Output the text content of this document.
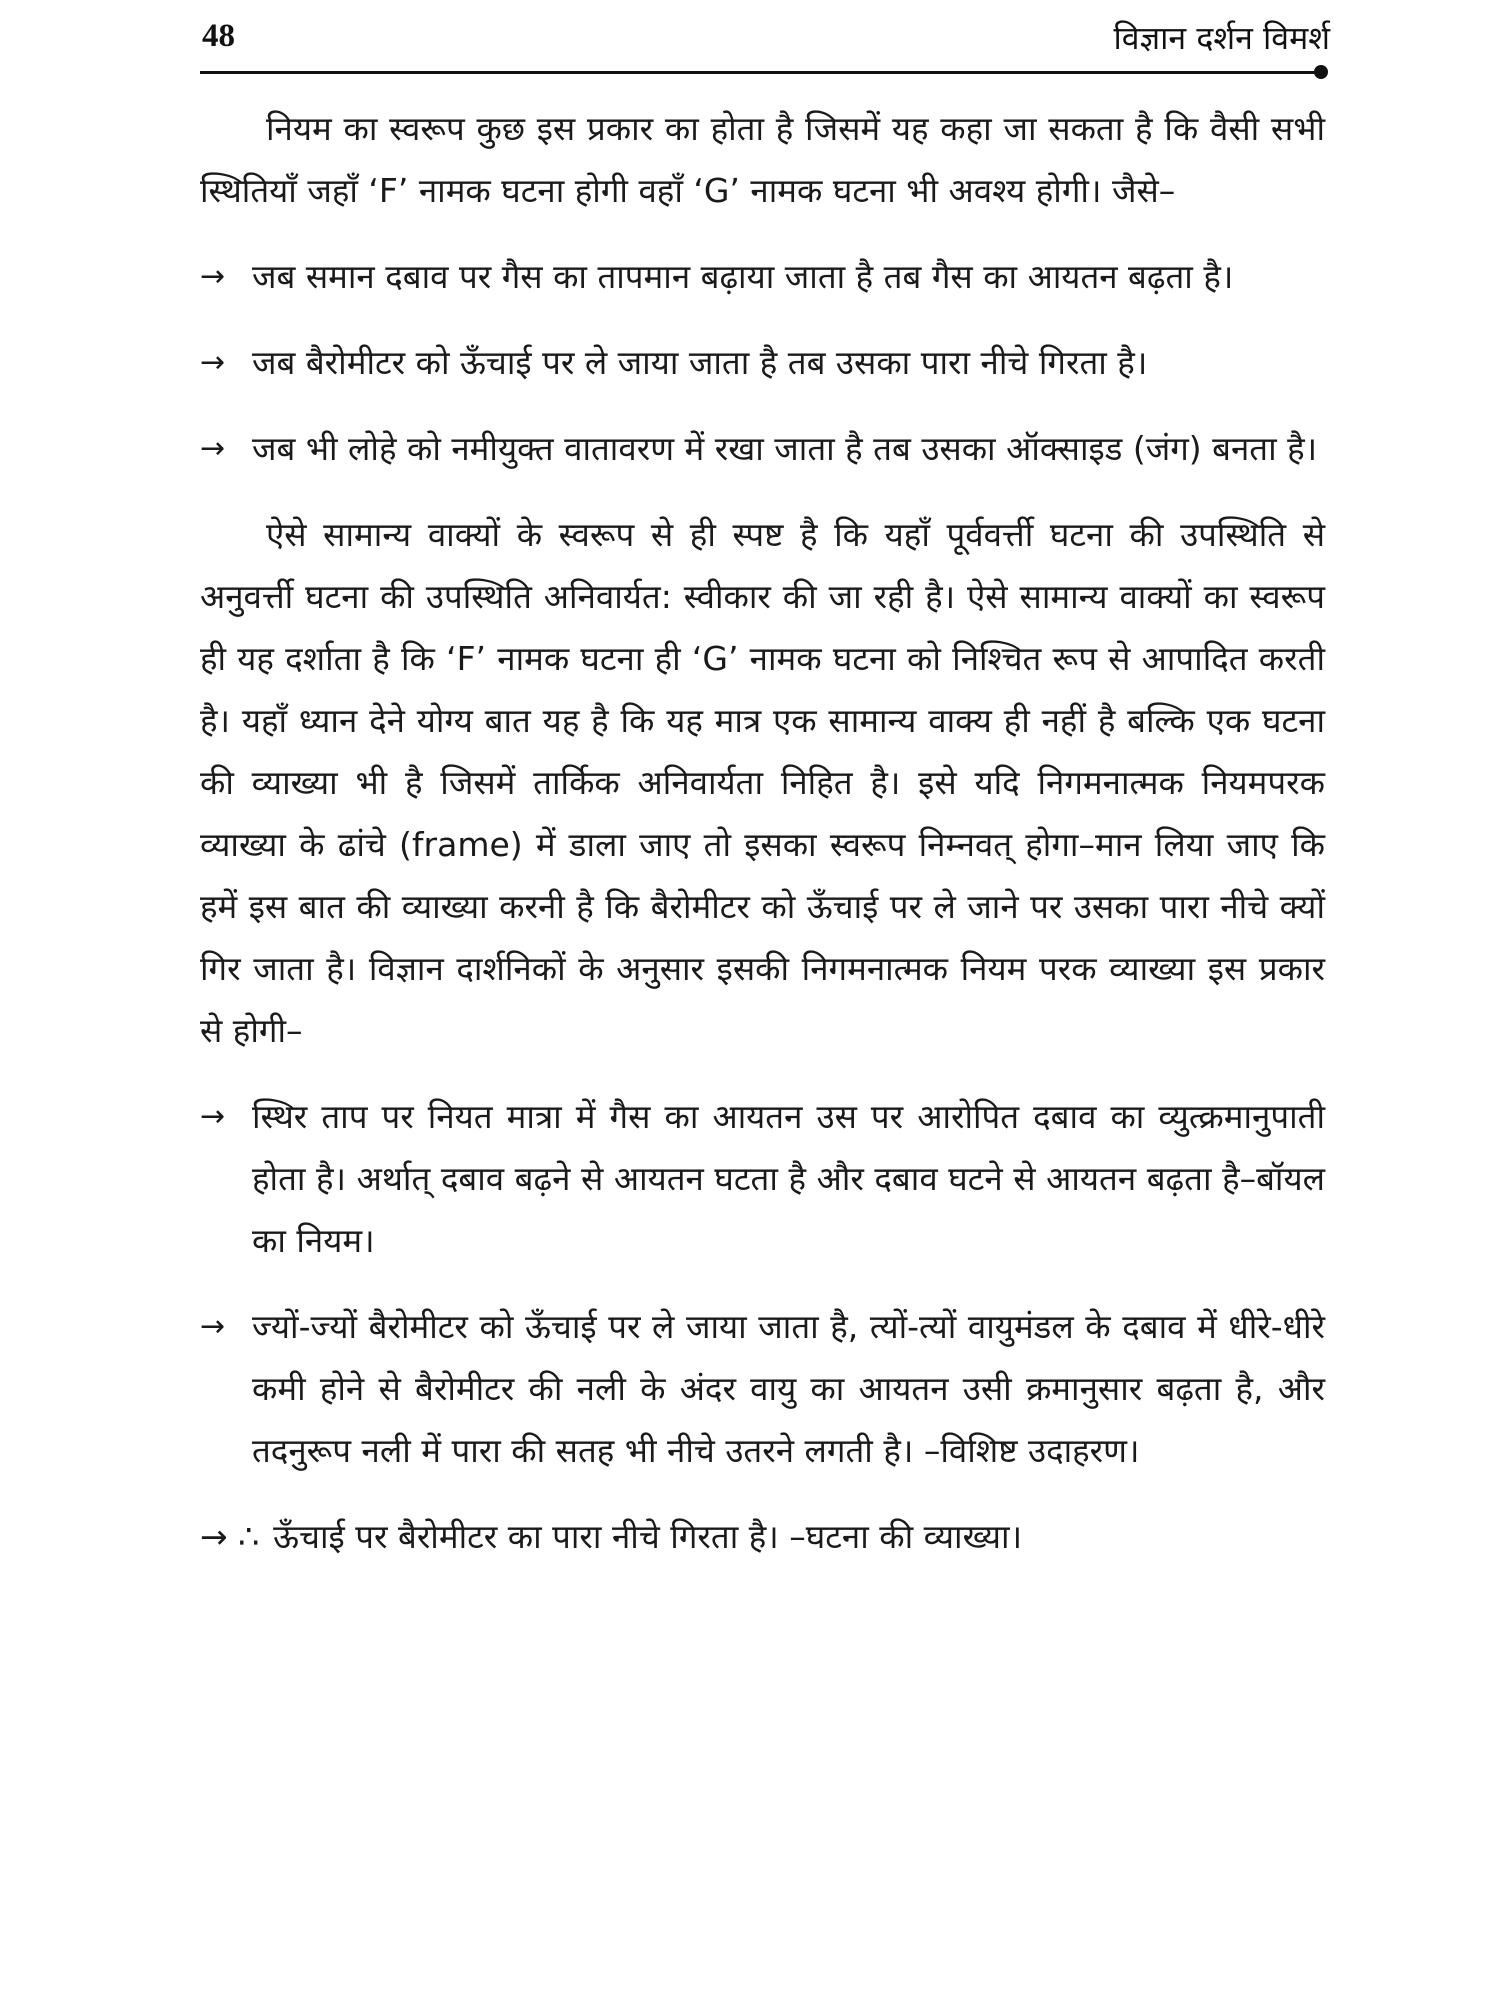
48	विज्ञान दर्शन विमर्श

नियम का स्वरूप कुछ इस प्रकार का होता है जिसमें यह कहा जा सकता है कि वैसी सभी स्थितियाँ जहाँ ‘F’ नामक घटना होगी वहाँ ‘G’ नामक घटना भी अवश्य होगी। जैसे–

→ जब समान दबाव पर गैस का तापमान बढ़ाया जाता है तब गैस का आयतन बढ़ता है।
→ जब बैरोमीटर को ऊँचाई पर ले जाया जाता है तब उसका पारा नीचे गिरता है।
→ जब भी लोहे को नमीयुक्त वातावरण में रखा जाता है तब उसका ऑक्साइड (जंग) बनता है।

ऐसे सामान्य वाक्यों के स्वरूप से ही स्पष्ट है कि यहाँ पूर्ववर्त्ती घटना की उपस्थिति से अनुवर्त्ती घटना की उपस्थिति अनिवार्यत: स्वीकार की जा रही है। ऐसे सामान्य वाक्यों का स्वरूप ही यह दर्शाता है कि ‘F’ नामक घटना ही ‘G’ नामक घटना को निश्चित रूप से आपादित करती है। यहाँ ध्यान देने योग्य बात यह है कि यह मात्र एक सामान्य वाक्य ही नहीं है बल्कि एक घटना की व्याख्या भी है जिसमें तार्किक अनिवार्यता निहित है। इसे यदि निगमनात्मक नियमपरक व्याख्या के ढांचे (frame) में डाला जाए तो इसका स्वरूप निम्नवत् होगा–मान लिया जाए कि हमें इस बात की व्याख्या करनी है कि बैरोमीटर को ऊँचाई पर ले जाने पर उसका पारा नीचे क्यों गिर जाता है। विज्ञान दार्शनिकों के अनुसार इसकी निगमनात्मक नियम परक व्याख्या इस प्रकार से होगी–

→ स्थिर ताप पर नियत मात्रा में गैस का आयतन उस पर आरोपित दबाव का व्युत्क्रमानुपाती होता है। अर्थात् दबाव बढ़ने से आयतन घटता है और दबाव घटने से आयतन बढ़ता है–बॉयल का नियम।
→ ज्यों-ज्यों बैरोमीटर को ऊँचाई पर ले जाया जाता है, त्यों-त्यों वायुमंडल के दबाव में धीरे-धीरे कमी होने से बैरोमीटर की नली के अंदर वायु का आयतन उसी क्रमानुसार बढ़ता है, और तदनुरूप नली में पारा की सतह भी नीचे उतरने लगती है। –विशिष्ट उदाहरण।
→ ∴ ऊँचाई पर बैरोमीटर का पारा नीचे गिरता है। –घटना की व्याख्या।
